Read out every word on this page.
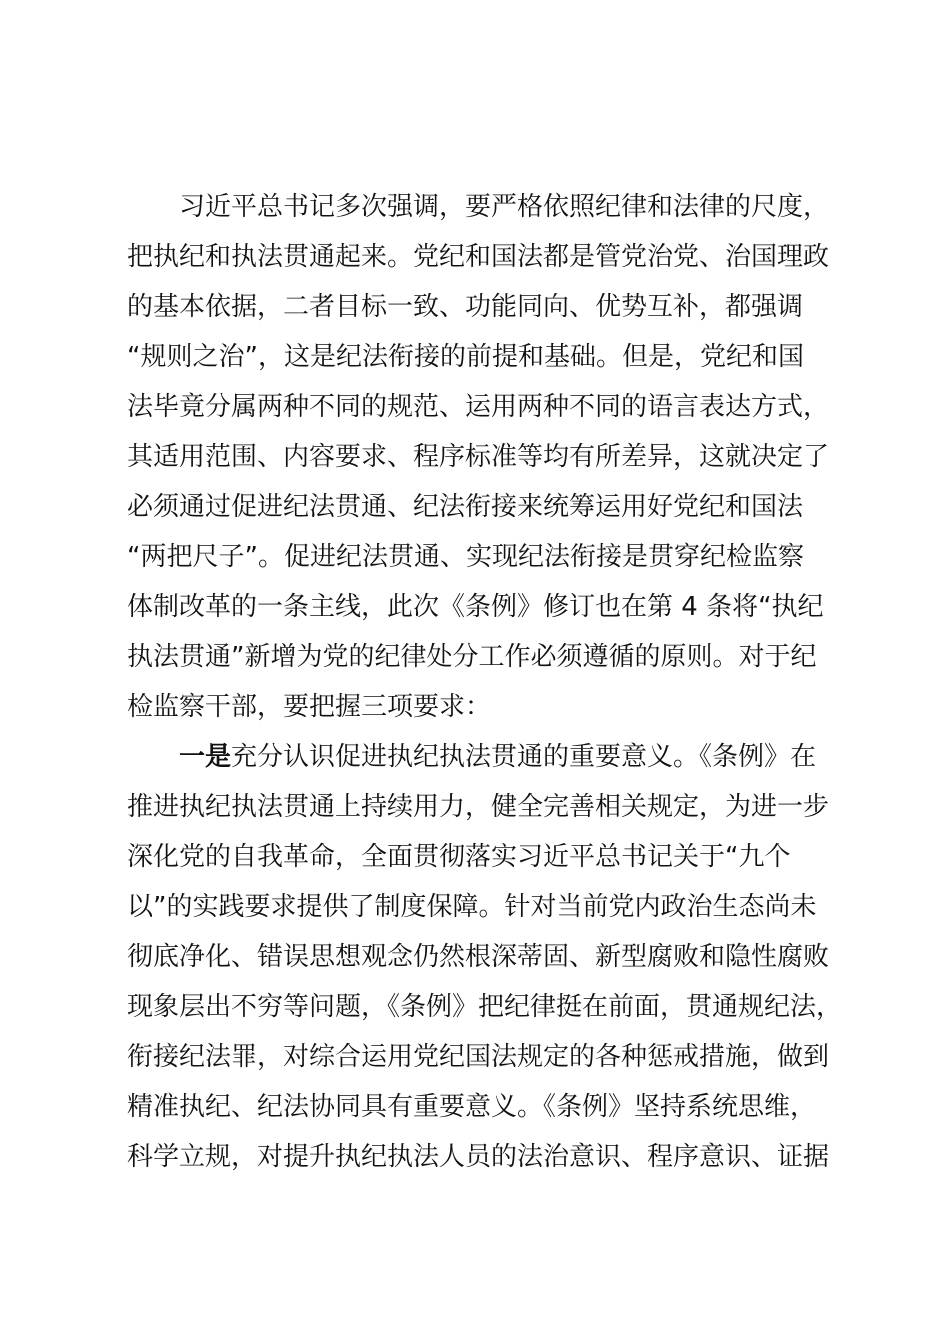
习近平总书记多次强调，要严格依照纪律和法律的尺度，
把执纪和执法贯通起来。党纪和国法都是管党治党、治国理政
的基本依据，二者目标一致、功能同向、优势互补，都强调
“规则之治”，这是纪法衔接的前提和基础。但是，党纪和国
法毕竟分属两种不同的规范、运用两种不同的语言表达方式，
其适用范围、内容要求、程序标准等均有所差异，这就决定了
必须通过促进纪法贯通、纪法衔接来统筹运用好党纪和国法
“两把尺子”。促进纪法贯通、实现纪法衔接是贯穿纪检监察
体制改革的一条主线，此次《条例》修订也在第 4 条将“执纪
执法贯通”新增为党的纪律处分工作必须遵循的原则。对于纪
检监察干部，要把握三项要求：
一是充分认识促进执纪执法贯通的重要意义。《条例》在
推进执纪执法贯通上持续用力，健全完善相关规定，为进一步
深化党的自我革命，全面贯彻落实习近平总书记关于“九个
以”的实践要求提供了制度保障。针对当前党内政治生态尚未
彻底净化、错误思想观念仍然根深蒂固、新型腐败和隐性腐败
现象层出不穷等问题，《条例》把纪律挺在前面，贯通规纪法，
衔接纪法罪，对综合运用党纪国法规定的各种惩戒措施，做到
精准执纪、纪法协同具有重要意义。《条例》坚持系统思维，
科学立规，对提升执纪执法人员的法治意识、程序意识、证据
